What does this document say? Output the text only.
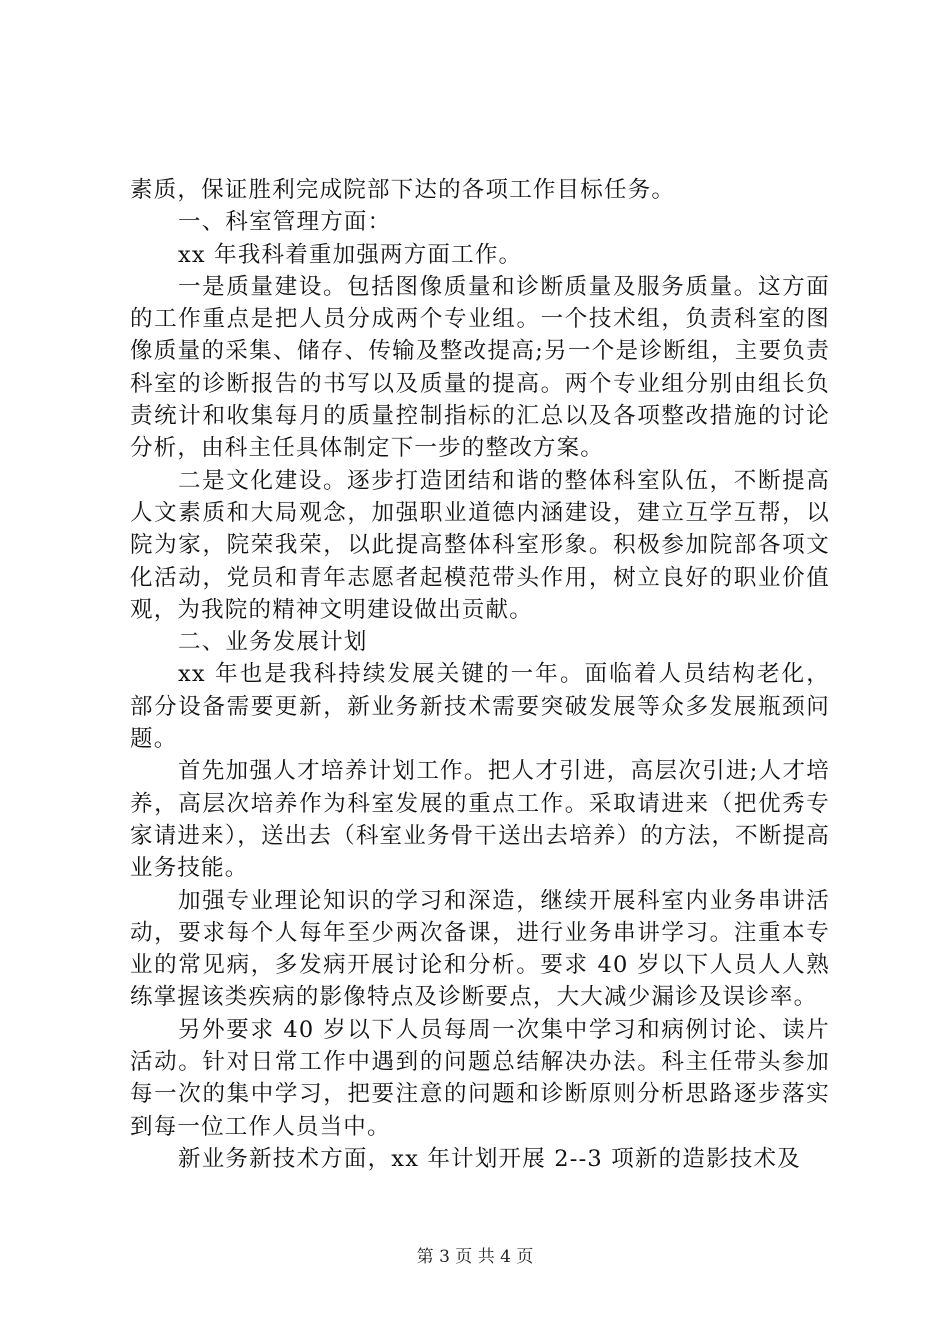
素质，保证胜利完成院部下达的各项工作目标任务。

一、科室管理方面：

xx 年我科着重加强两方面工作。

一是质量建设。包括图像质量和诊断质量及服务质量。这方面的工作重点是把人员分成两个专业组。一个技术组，负责科室的图像质量的采集、储存、传输及整改提高;另一个是诊断组，主要负责科室的诊断报告的书写以及质量的提高。两个专业组分别由组长负责统计和收集每月的质量控制指标的汇总以及各项整改措施的讨论分析，由科主任具体制定下一步的整改方案。

二是文化建设。逐步打造团结和谐的整体科室队伍，不断提高人文素质和大局观念，加强职业道德内涵建设，建立互学互帮，以院为家，院荣我荣，以此提高整体科室形象。积极参加院部各项文化活动，党员和青年志愿者起模范带头作用，树立良好的职业价值观，为我院的精神文明建设做出贡献。

二、业务发展计划

xx 年也是我科持续发展关键的一年。面临着人员结构老化，部分设备需要更新，新业务新技术需要突破发展等众多发展瓶颈问题。

首先加强人才培养计划工作。把人才引进，高层次引进;人才培养，高层次培养作为科室发展的重点工作。采取请进来（把优秀专家请进来），送出去（科室业务骨干送出去培养）的方法，不断提高业务技能。

加强专业理论知识的学习和深造，继续开展科室内业务串讲活动，要求每个人每年至少两次备课，进行业务串讲学习。注重本专业的常见病，多发病开展讨论和分析。要求 40 岁以下人员人人熟练掌握该类疾病的影像特点及诊断要点，大大减少漏诊及误诊率。

另外要求 40 岁以下人员每周一次集中学习和病例讨论、读片活动。针对日常工作中遇到的问题总结解决办法。科主任带头参加每一次的集中学习，把要注意的问题和诊断原则分析思路逐步落实到每一位工作人员当中。

新业务新技术方面，xx 年计划开展 2--3 项新的造影技术及

第 3 页 共 4 页
